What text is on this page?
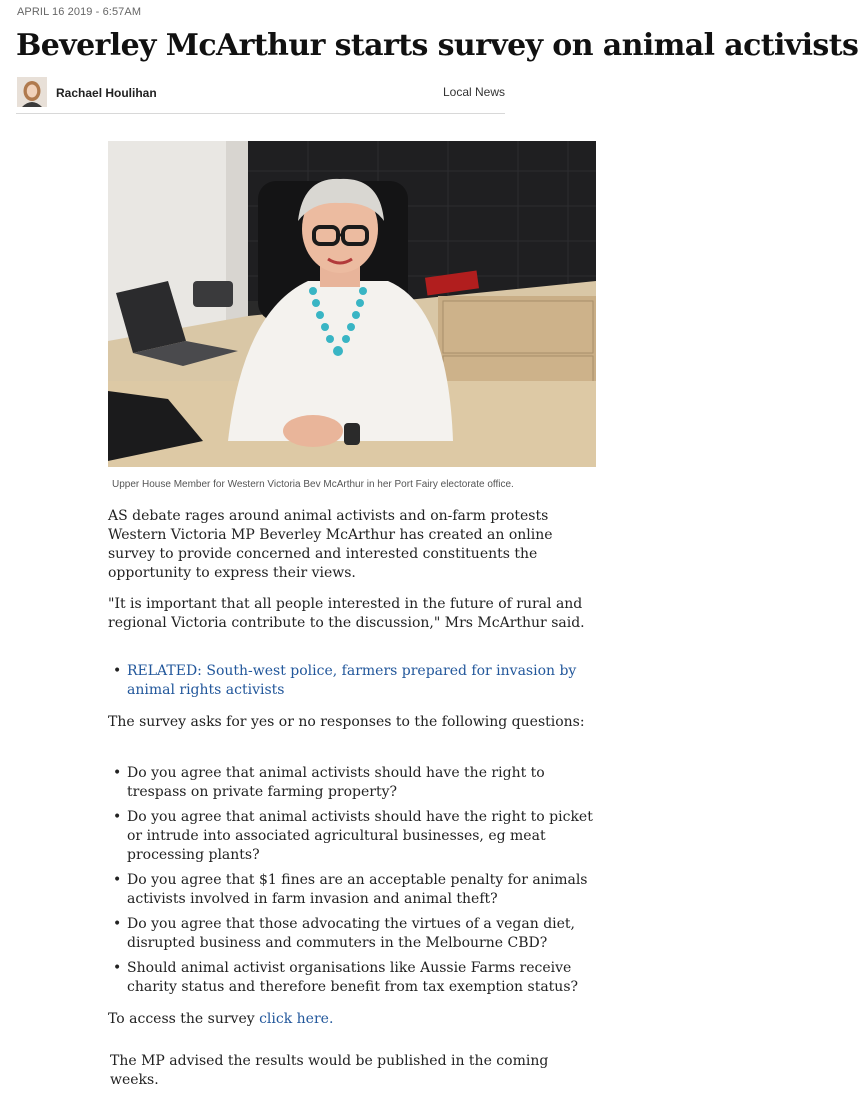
APRIL 16 2019 - 6:57AM
Beverley McArthur starts survey on animal activists
Rachael Houlihan	Local News
Upper House Member for Western Victoria Bev McArthur in her Port Fairy electorate office.

AS debate rages around animal activists and on-farm protests Western Victoria MP Beverley McArthur has created an online survey to provide concerned and interested constituents the opportunity to express their views.

"It is important that all people interested in the future of rural and regional Victoria contribute to the discussion," Mrs McArthur said.

• RELATED: South-west police, farmers prepared for invasion by animal rights activists

The survey asks for yes or no responses to the following questions:

• Do you agree that animal activists should have the right to trespass on private farming property?
• Do you agree that animal activists should have the right to picket or intrude into associated agricultural businesses, eg meat processing plants?
• Do you agree that $1 fines are an acceptable penalty for animals activists involved in farm invasion and animal theft?
• Do you agree that those advocating the virtues of a vegan diet, disrupted business and commuters in the Melbourne CBD?
• Should animal activist organisations like Aussie Farms receive charity status and therefore benefit from tax exemption status?

To access the survey click here.

The MP advised the results would be published in the coming weeks.
